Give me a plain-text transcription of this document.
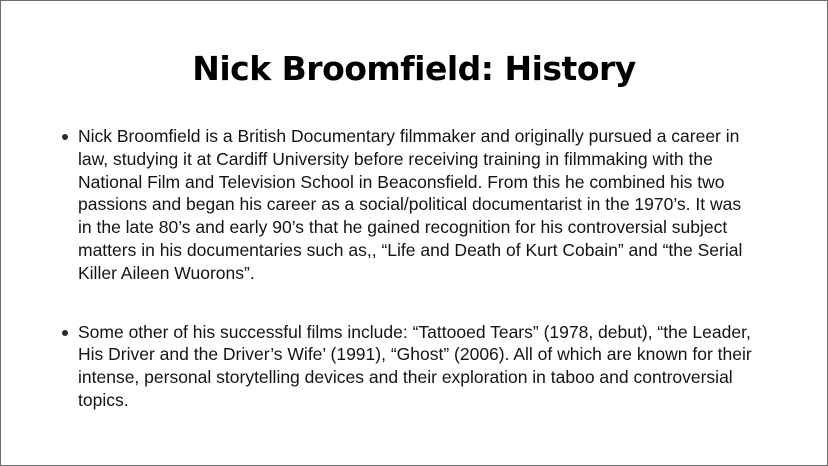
Nick Broomfield: History
Nick Broomfield is a British Documentary filmmaker and originally pursued a career in law, studying it at Cardiff University before receiving training in filmmaking with the National Film and Television School in Beaconsfield. From this he combined his two passions and began his career as a social/political documentarist in the 1970’s. It was in the late 80’s and early 90’s that he gained recognition for his controversial subject matters in his documentaries such as,, “Life and Death of Kurt Cobain” and “the Serial Killer Aileen Wuorons”.
Some other of his successful films include: “Tattooed Tears” (1978, debut), “the Leader, His Driver and the Driver’s Wife’ (1991), “Ghost” (2006). All of which are known for their intense, personal storytelling devices and their exploration in taboo and controversial topics.
